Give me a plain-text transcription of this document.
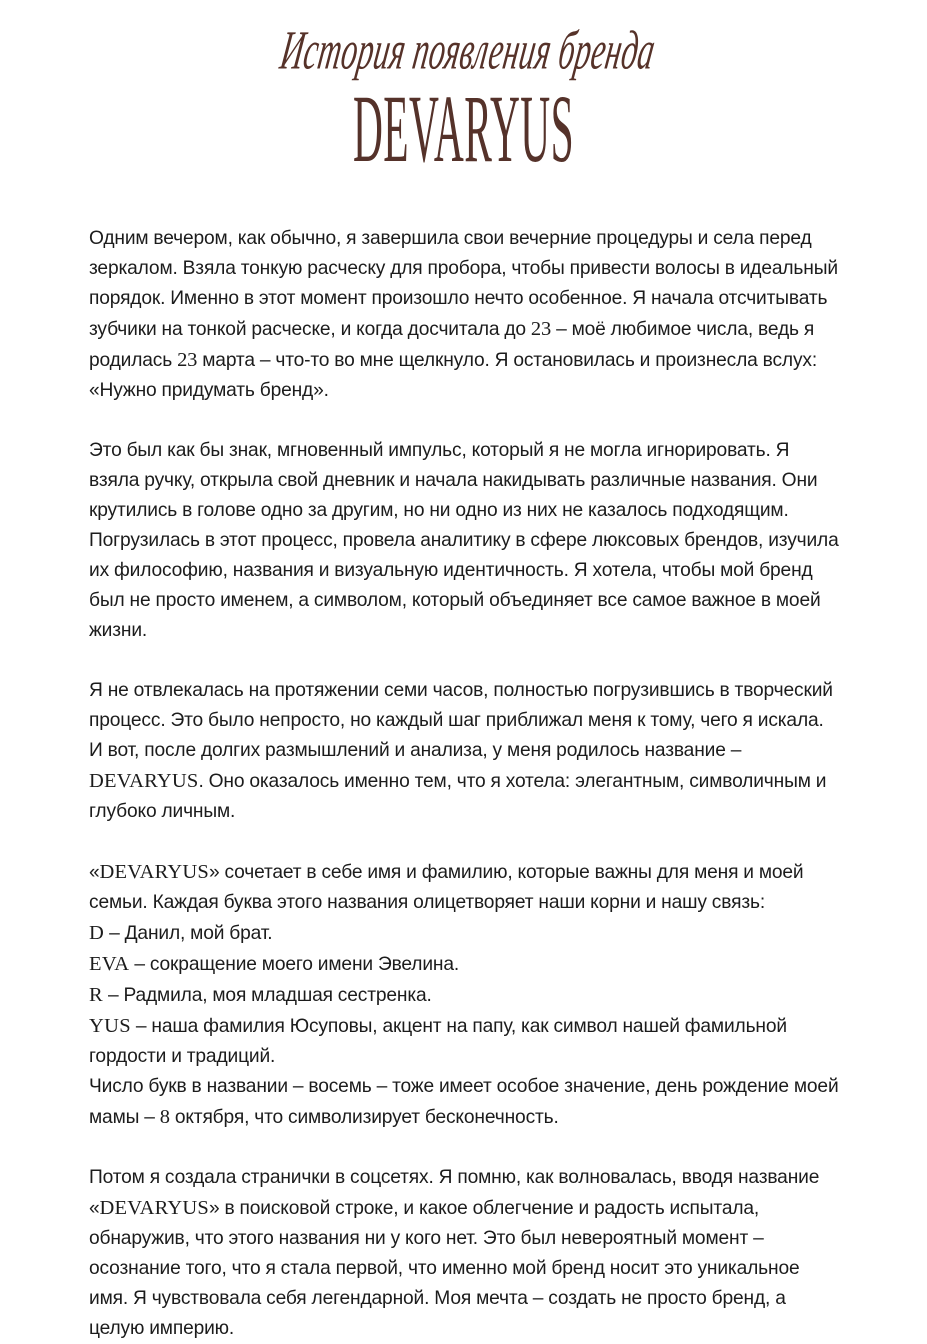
История появления бренда
DEVARYUS

Одним вечером, как обычно, я завершила свои вечерние процедуры и села перед зеркалом. Взяла тонкую расческу для пробора, чтобы привести волосы в идеальный порядок. Именно в этот момент произошло нечто особенное. Я начала отсчитывать зубчики на тонкой расческе, и когда досчитала до 23 – моё любимое числа, ведь я родилась 23 марта – что-то во мне щелкнуло. Я остановилась и произнесла вслух: «Нужно придумать бренд».

Это был как бы знак, мгновенный импульс, который я не могла игнорировать. Я взяла ручку, открыла свой дневник и начала накидывать различные названия. Они крутились в голове одно за другим, но ни одно из них не казалось подходящим. Погрузилась в этот процесс, провела аналитику в сфере люксовых брендов, изучила их философию, названия и визуальную идентичность. Я хотела, чтобы мой бренд был не просто именем, а символом, который объединяет все самое важное в моей жизни.

Я не отвлекалась на протяжении семи часов, полностью погрузившись в творческий процесс. Это было непросто, но каждый шаг приближал меня к тому, чего я искала. И вот, после долгих размышлений и анализа, у меня родилось название – DEVARYUS. Оно оказалось именно тем, что я хотела: элегантным, символичным и глубоко личным.

«DEVARYUS» сочетает в себе имя и фамилию, которые важны для меня и моей семьи. Каждая буква этого названия олицетворяет наши корни и нашу связь:
D – Данил, мой брат.
EVA – сокращение моего имени Эвелина.
R – Радмила, моя младшая сестренка.
YUS – наша фамилия Юсуповы, акцент на папу, как символ нашей фамильной гордости и традиций.
Число букв в названии – восемь – тоже имеет особое значение, день рождение моей мамы – 8 октября, что символизирует бесконечность.

Потом я создала странички в соцсетях. Я помню, как волновалась, вводя название «DEVARYUS» в поисковой строке, и какое облегчение и радость испытала, обнаружив, что этого названия ни у кого нет. Это был невероятный момент – осознание того, что я стала первой, что именно мой бренд носит это уникальное имя. Я чувствовала себя легендарной. Моя мечта – создать не просто бренд, а целую империю.
